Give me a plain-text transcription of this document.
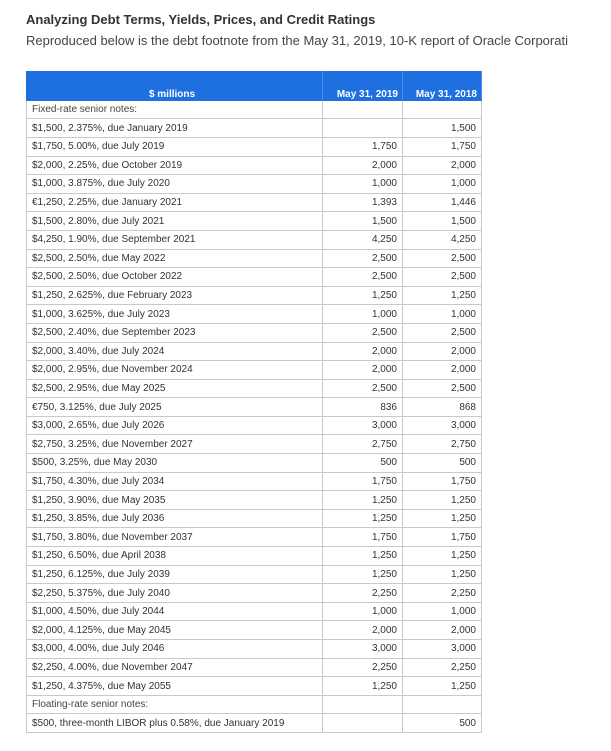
Analyzing Debt Terms, Yields, Prices, and Credit Ratings
Reproduced below is the debt footnote from the May 31, 2019, 10-K report of Oracle Corporati

$ millions	May 31, 2019	May 31, 2018
Fixed-rate senior notes:		
$1,500, 2.375%, due January 2019		1,500
$1,750, 5.00%, due July 2019	1,750	1,750
$2,000, 2.25%, due October 2019	2,000	2,000
$1,000, 3.875%, due July 2020	1,000	1,000
€1,250, 2.25%, due January 2021	1,393	1,446
$1,500, 2.80%, due July 2021	1,500	1,500
$4,250, 1.90%, due September 2021	4,250	4,250
$2,500, 2.50%, due May 2022	2,500	2,500
$2,500, 2.50%, due October 2022	2,500	2,500
$1,250, 2.625%, due February 2023	1,250	1,250
$1,000, 3.625%, due July 2023	1,000	1,000
$2,500, 2.40%, due September 2023	2,500	2,500
$2,000, 3.40%, due July 2024	2,000	2,000
$2,000, 2.95%, due November 2024	2,000	2,000
$2,500, 2.95%, due May 2025	2,500	2,500
€750, 3.125%, due July 2025	836	868
$3,000, 2.65%, due July 2026	3,000	3,000
$2,750, 3.25%, due November 2027	2,750	2,750
$500, 3.25%, due May 2030	500	500
$1,750, 4.30%, due July 2034	1,750	1,750
$1,250, 3.90%, due May 2035	1,250	1,250
$1,250, 3.85%, due July 2036	1,250	1,250
$1,750, 3.80%, due November 2037	1,750	1,750
$1,250, 6.50%, due April 2038	1,250	1,250
$1,250, 6.125%, due July 2039	1,250	1,250
$2,250, 5.375%, due July 2040	2,250	2,250
$1,000, 4.50%, due July 2044	1,000	1,000
$2,000, 4.125%, due May 2045	2,000	2,000
$3,000, 4.00%, due July 2046	3,000	3,000
$2,250, 4.00%, due November 2047	2,250	2,250
$1,250, 4.375%, due May 2055	1,250	1,250
Floating-rate senior notes:		
$500, three-month LIBOR plus 0.58%, due January 2019		500
